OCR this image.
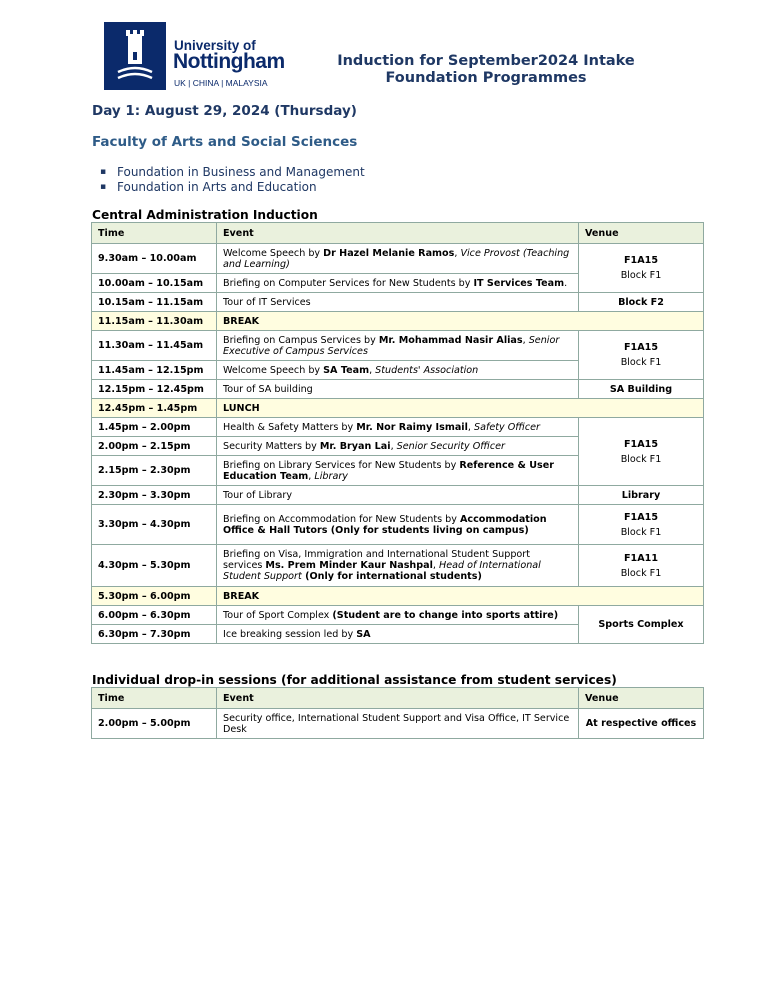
University of
Nottingham
UK | CHINA | MALAYSIA
Induction for September2024 Intake
Foundation Programmes
Day 1: August 29, 2024 (Thursday)
Faculty of Arts and Social Sciences
▪ Foundation in Business and Management
▪ Foundation in Arts and Education
Central Administration Induction
Time	Event	Venue
9.30am – 10.00am	Welcome Speech by Dr Hazel Melanie Ramos, Vice Provost (Teaching and Learning)	F1A15
Block F1

10.00am – 10.15am	Briefing on Computer Services for New Students by IT Services Team.	
10.15am – 11.15am	Tour of IT Services	Block F2
11.15am – 11.30am	BREAK	
11.30am – 11.45am	Briefing on Campus Services by Mr. Mohammad Nasir Alias, Senior Executive of Campus Services	F1A15
Block F1

11.45am – 12.15pm	Welcome Speech by SA Team, Students' Association	
12.15pm – 12.45pm	Tour of SA building	SA Building
12.45pm – 1.45pm	LUNCH	
1.45pm – 2.00pm	Health & Safety Matters by Mr. Nor Raimy Ismail, Safety Officer	F1A15
Block F1

2.00pm – 2.15pm	Security Matters by Mr. Bryan Lai, Senior Security Officer	
2.15pm – 2.30pm	Briefing on Library Services for New Students by Reference & User Education Team, Library	
2.30pm – 3.30pm	Tour of Library	Library
3.30pm – 4.30pm	Briefing on Accommodation for New Students by Accommodation Office & Hall Tutors (Only for students living on campus)	F1A15
Block F1

4.30pm – 5.30pm	Briefing on Visa, Immigration and International Student Support services Ms. Prem Minder Kaur Nashpal, Head of International Student Support (Only for international students)	F1A11
Block F1

5.30pm – 6.00pm	BREAK	
6.00pm – 6.30pm	Tour of Sport Complex (Student are to change into sports attire)	Sports Complex
6.30pm – 7.30pm	Ice breaking session led by SA	
Individual drop-in sessions (for additional assistance from student services)
Time	Event	Venue
2.00pm – 5.00pm	Security office, International Student Support and Visa Office, IT Service Desk	At respective offices
